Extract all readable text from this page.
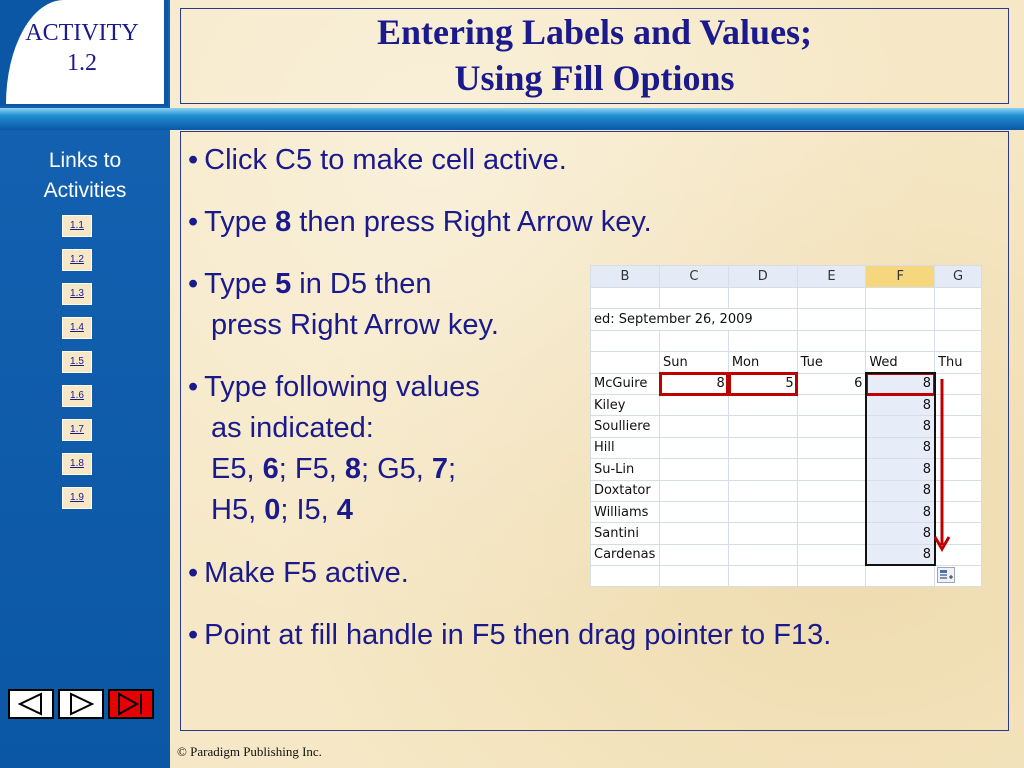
ACTIVITY
1.2
Entering Labels and Values;
Using Fill Options
Links to
Activities
1.1
1.2
1.3
1.4
1.5
1.6
1.7
1.8
1.9
• Click C5 to make cell active.
• Type 8 then press Right Arrow key.
• Type 5 in D5 then
press Right Arrow key.
• Type following values
as indicated:
E5, 6; F5, 8; G5, 7;
H5, 0; I5, 4
• Make F5 active.
• Point at fill handle in F5 then drag pointer to F13.
B	C	D	E	F	G

ed: September 26, 2009					

	Sun	Mon	Tue	Wed	Thu
McGuire	8	5	6	8	
Kiley				8	
Soulliere				8	
Hill				8	
Su-Lin				8	
Doxtator				8	
Williams				8	
Santini				8	
Cardenas				8	

© Paradigm Publishing Inc.
